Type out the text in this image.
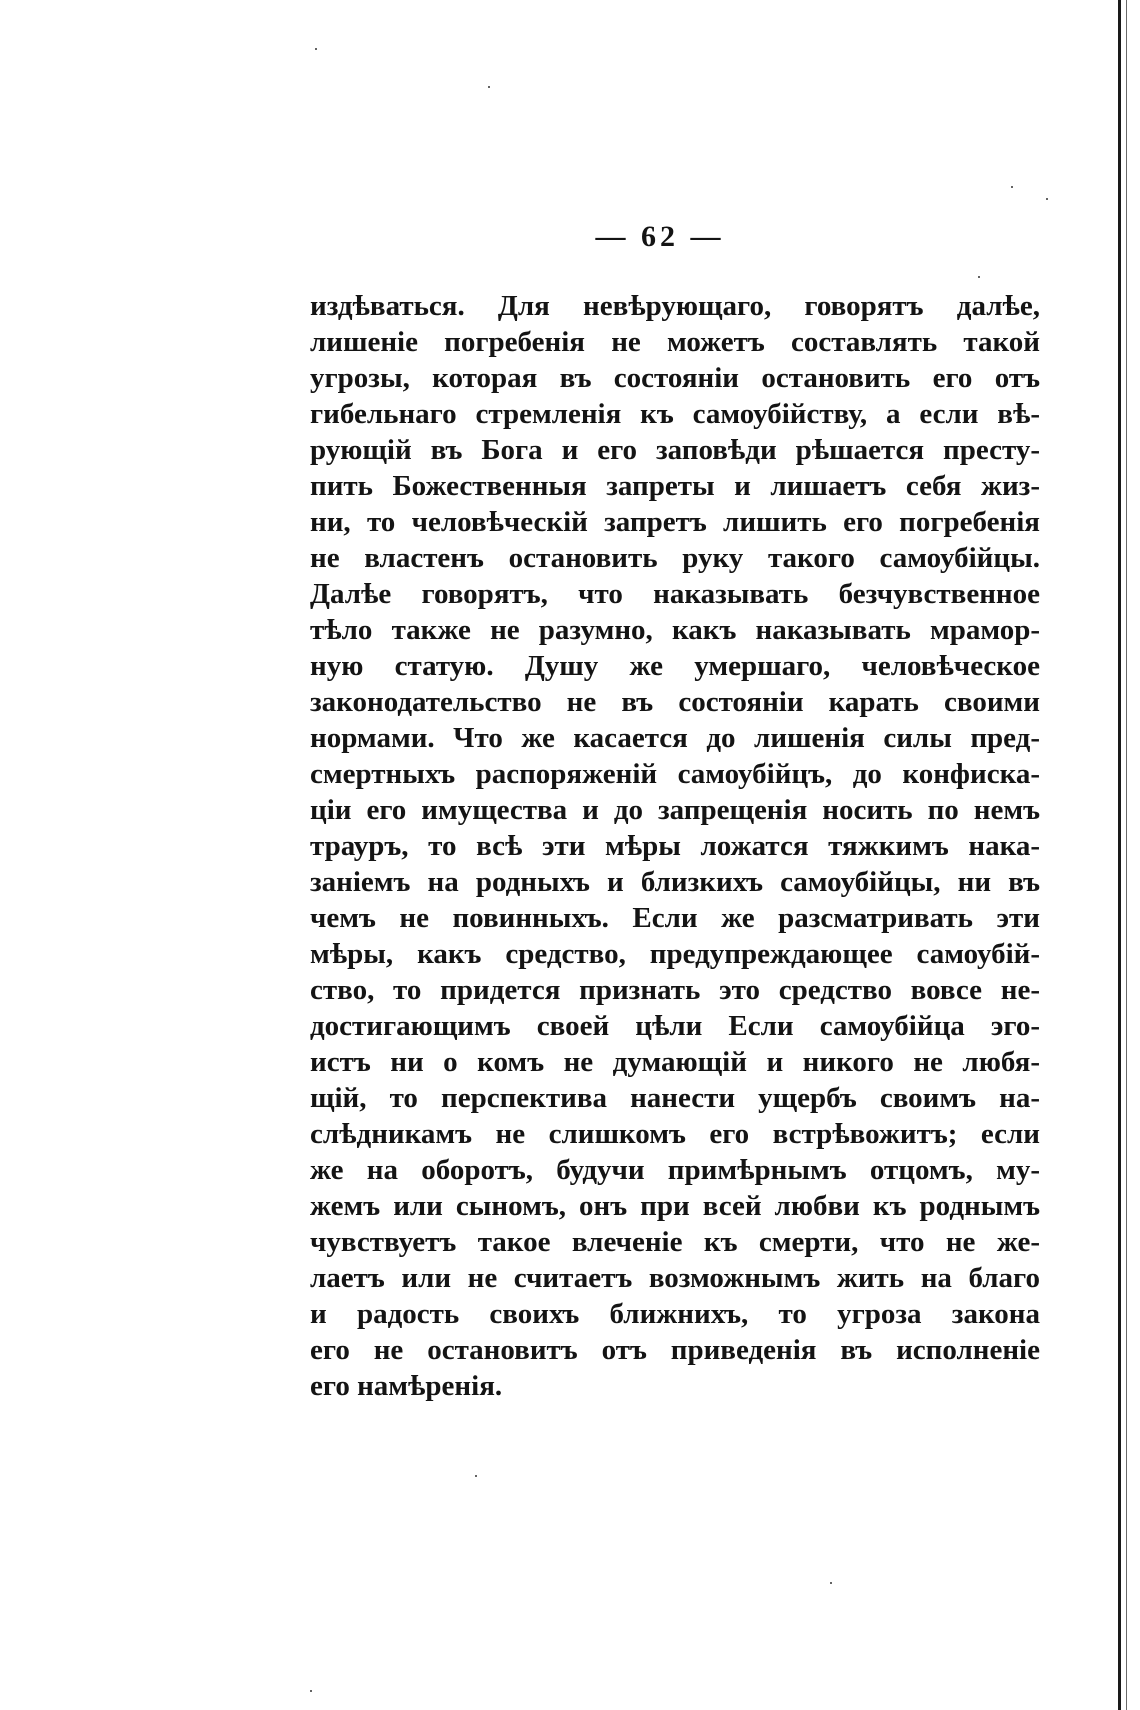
— 62 —
издѣваться. Для невѣрующаго, говорятъ далѣе,
лишеніе погребенія не можетъ составлять такой
угрозы, которая въ состояніи остановить его отъ
гибельнаго стремленія къ самоубійству, а если вѣ-
рующій въ Бога и его заповѣди рѣшается престу-
пить Божественныя запреты и лишаетъ себя жиз-
ни, то человѣческій запретъ лишить его погребенія
не властенъ остановить руку такого самоубійцы.
Далѣе говорятъ, что наказывать безчувственное
тѣло также не разумно, какъ наказывать мрамор-
ную статую. Душу же умершаго, человѣческое
законодательство не въ состояніи карать своими
нормами. Что же касается до лишенія силы пред-
смертныхъ распоряженій самоубійцъ, до конфиска-
ціи его имущества и до запрещенія носить по немъ
трауръ, то всѣ эти мѣры ложатся тяжкимъ нака-
заніемъ на родныхъ и близкихъ самоубійцы, ни въ
чемъ не повинныхъ. Если же разсматривать эти
мѣры, какъ средство, предупреждающее самоубій-
ство, то придется признать это средство вовсе не-
достигающимъ своей цѣли Если самоубійца эго-
истъ ни о комъ не думающій и никого не любя-
щій, то перспектива нанести ущербъ своимъ на-
слѣдникамъ не слишкомъ его встрѣвожитъ; если
же на оборотъ, будучи примѣрнымъ отцомъ, му-
жемъ или сыномъ, онъ при всей любви къ роднымъ
чувствуетъ такое влеченіе къ смерти, что не же-
лаетъ или не считаетъ возможнымъ жить на благо
и радость своихъ ближнихъ, то угроза закона
его не остановитъ отъ приведенія въ исполненіе
его намѣренія.
